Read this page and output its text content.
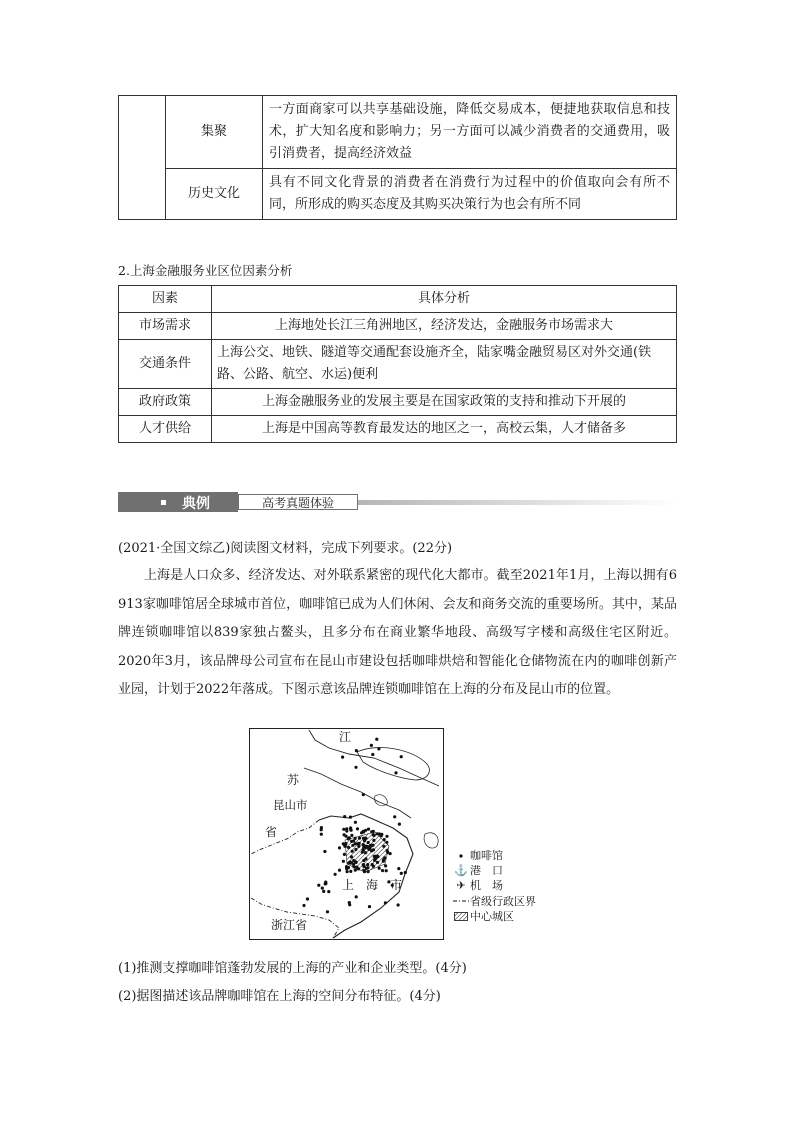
	集聚	一方面商家可以共享基础设施，降低交易成本，便捷地获取信息和技术，扩大知名度和影响力；另一方面可以减少消费者的交通费用，吸引消费者，提高经济效益
	历史文化	具有不同文化背景的消费者在消费行为过程中的价值取向会有所不同，所形成的购买态度及其购买决策行为也会有所不同
2.上海金融服务业区位因素分析
因素	具体分析
市场需求	上海地处长江三角洲地区，经济发达，金融服务市场需求大
交通条件	上海公交、地铁、隧道等交通配套设施齐全，陆家嘴金融贸易区对外交通(铁路、公路、航空、水运)便利
政府政策	上海金融服务业的发展主要是在国家政策的支持和推动下开展的
人才供给	上海是中国高等教育最发达的地区之一，高校云集，人才储备多
典例	高考真题体验
(2021·全国文综乙)阅读图文材料，完成下列要求。(22分)

上海是人口众多、经济发达、对外联系紧密的现代化大都市。截至2021年1月，上海以拥有6 913家咖啡馆居全球城市首位，咖啡馆已成为人们休闲、会友和商务交流的重要场所。其中，某品牌连锁咖啡馆以839家独占鳌头，且多分布在商业繁华地段、高级写字楼和高级住宅区附近。2020年3月，该品牌母公司宣布在昆山市建设包括咖啡烘焙和智能化仓储物流在内的咖啡创新产业园，计划于2022年落成。下图示意该品牌连锁咖啡馆在上海的分布及昆山市的位置。

江
苏
省
昆山市
上　海　市
浙江省
咖啡馆
⚓ 港　口
✈ 机　场
省级行政区界
中心城区
(1)推测支撑咖啡馆蓬勃发展的上海的产业和企业类型。(4分)
(2)据图描述该品牌咖啡馆在上海的空间分布特征。(4分)
